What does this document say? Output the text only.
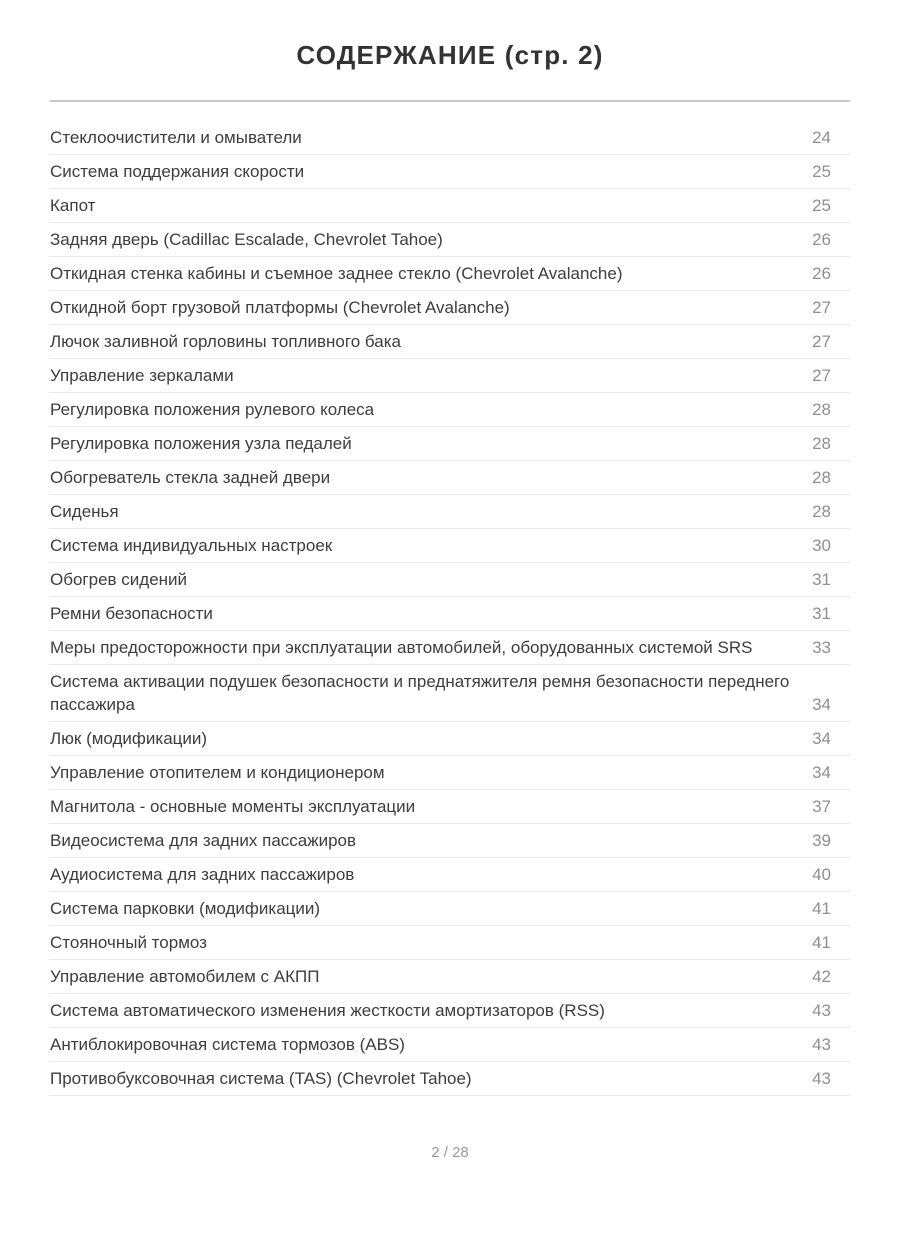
СОДЕРЖАНИЕ (стр. 2)
Стеклоочистители и омыватели	24
Система поддержания скорости	25
Капот	25
Задняя дверь (Cadillac Escalade, Chevrolet Tahoe)	26
Откидная стенка кабины и съемное заднее стекло (Chevrolet Avalanche)	26
Откидной борт грузовой платформы (Chevrolet Avalanche)	27
Лючок заливной горловины топливного бака	27
Управление зеркалами	27
Регулировка положения рулевого колеса	28
Регулировка положения узла педалей	28
Обогреватель стекла задней двери	28
Сиденья	28
Система индивидуальных настроек	30
Обогрев сидений	31
Ремни безопасности	31
Меры предосторожности при эксплуатации автомобилей, оборудованных системой SRS	33
Система активации подушек безопасности и преднатяжителя ремня безопасности переднего пассажира	34
Люк (модификации)	34
Управление отопителем и кондиционером	34
Магнитола - основные моменты эксплуатации	37
Видеосистема для задних пассажиров	39
Аудиосистема для задних пассажиров	40
Система парковки (модификации)	41
Стояночный тормоз	41
Управление автомобилем с АКПП	42
Система автоматического изменения жесткости амортизаторов (RSS)	43
Антиблокировочная система тормозов (ABS)	43
Противобуксовочная система (TAS) (Chevrolet Tahoe)	43
2 / 28
